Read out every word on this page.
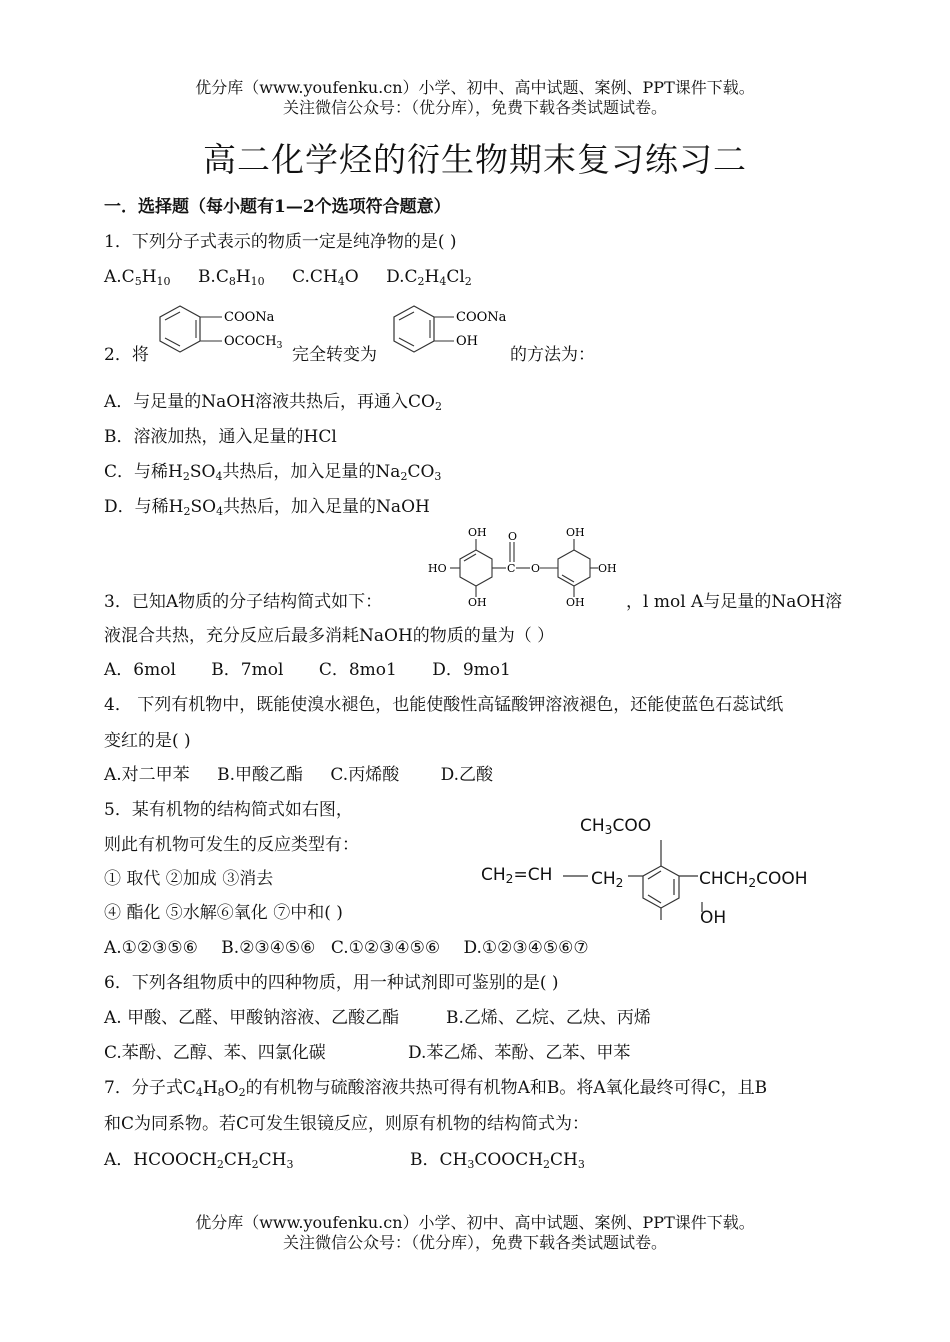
优分库（www.youfenku.cn）小学、初中、高中试题、案例、PPT课件下载。
关注微信公众号：（优分库），免费下载各类试题试卷。
高二化学烃的衍生物期末复习练习二
一．选择题（每小题有1—2个选项符合题意）
1．下列分子式表示的物质一定是纯净物的是( )
$A.C_5H_{10}$ $B.C_8H_{10}$ $C.CH_4O$ $D.C_2H_4Cl_2$
2．将
COONa
$OCOCH_3$ 完全转变为
COONa
OH
的方法为：
A．与足量的NaOH溶液共热后，再通入$CO_2$
B．溶液加热，通入足量的HCl
C．与稀$H_2SO_4$共热后，加入足量的$Na_2CO_3$
D．与稀$H_2SO_4$共热后，加入足量的NaOH
OH
OH
HO
OH
OH
OH
O
O
C
3．已知A物质的分子结构简式如下：	，l mol A与足量的NaOH溶
液混合共热，充分反应后最多消耗NaOH的物质的量为（ ）
A．6mol B．7mol C．8mo1 D．9mo1
4． 下列有机物中，既能使溴水褪色，也能使酸性高锰酸钾溶液褪色，还能使蓝色石蕊试纸
变红的是( )
A.对二甲苯 B.甲酸乙酯 C.丙烯酸 D.乙酸
5．某有机物的结构简式如右图，
则此有机物可发生的反应类型有：
① 取代 ②加成 ③消去
④ 酯化 ⑤水解⑥氧化 ⑦中和( )
CH3COO
CH2=CH CH2	CHCH2COOH
OH
A.①②③⑤⑥ B.②③④⑤⑥ C.①②③④⑤⑥ D.①②③④⑤⑥⑦
6．下列各组物质中的四种物质，用一种试剂即可鉴别的是( )
A. 甲酸、乙醛、甲酸钠溶液、乙酸乙酯	B.乙烯、乙烷、乙炔、丙烯
C.苯酚、乙醇、苯、四氯化碳	D.苯乙烯、苯酚、乙苯、甲苯
7．分子式$C_4H_8O_2$的有机物与硫酸溶液共热可得有机物A和B。将A氧化最终可得C，且B
和C为同系物。若C可发生银镜反应，则原有机物的结构简式为：
A．$HCOOCH_2CH_2CH_3$	B．$CH_3COOCH_2CH_3$
优分库（www.youfenku.cn）小学、初中、高中试题、案例、PPT课件下载。
关注微信公众号：（优分库），免费下载各类试题试卷。
